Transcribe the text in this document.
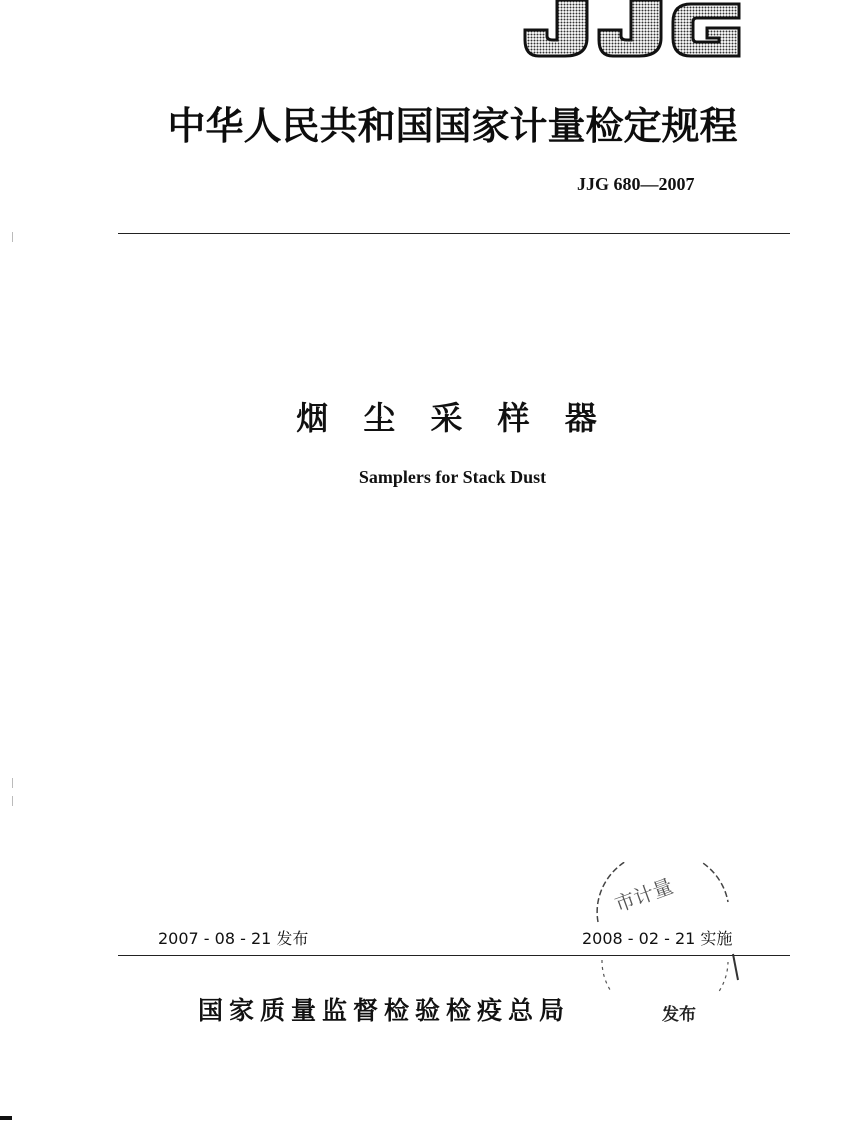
中华人民共和国国家计量检定规程
JJG 680—2007
烟 尘 采 样 器
Samplers for Stack Dust
2007 - 08 - 21 发布	2008 - 02 - 21 实施
国家质量监督检验检疫总局	发布
市计量
